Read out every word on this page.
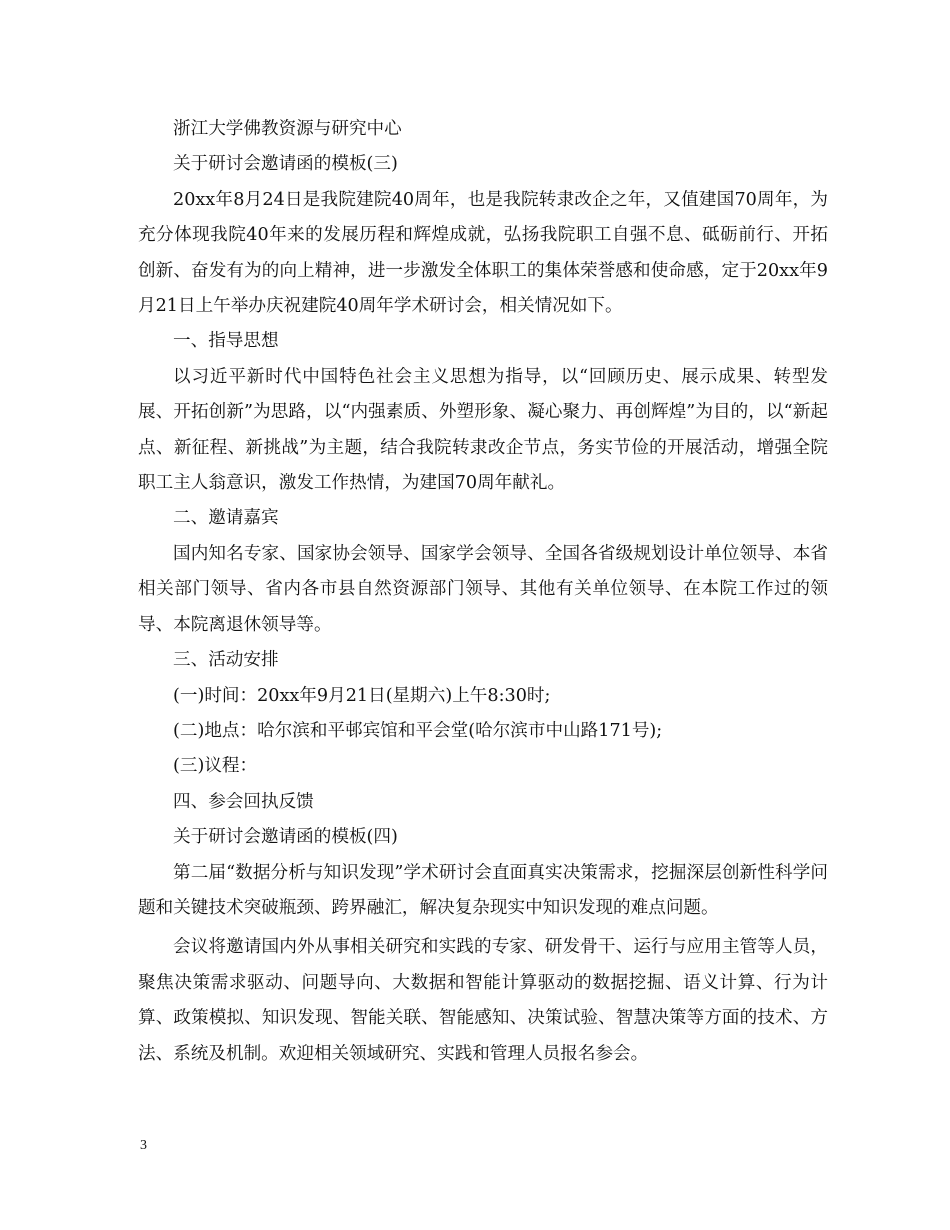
浙江大学佛教资源与研究中心

关于研讨会邀请函的模板(三)

20xx年8月24日是我院建院40周年，也是我院转隶改企之年，又值建国70周年，为充分体现我院40年来的发展历程和辉煌成就，弘扬我院职工自强不息、砥砺前行、开拓创新、奋发有为的向上精神，进一步激发全体职工的集体荣誉感和使命感，定于20xx年9月21日上午举办庆祝建院40周年学术研讨会，相关情况如下。

一、指导思想

以习近平新时代中国特色社会主义思想为指导，以“回顾历史、展示成果、转型发展、开拓创新”为思路，以“内强素质、外塑形象、凝心聚力、再创辉煌”为目的，以“新起点、新征程、新挑战”为主题，结合我院转隶改企节点，务实节俭的开展活动，增强全院职工主人翁意识，激发工作热情，为建国70周年献礼。

二、邀请嘉宾

国内知名专家、国家协会领导、国家学会领导、全国各省级规划设计单位领导、本省相关部门领导、省内各市县自然资源部门领导、其他有关单位领导、在本院工作过的领导、本院离退休领导等。

三、活动安排

(一)时间：20xx年9月21日(星期六)上午8:30时;

(二)地点：哈尔滨和平邨宾馆和平会堂(哈尔滨市中山路171号);

(三)议程：

四、参会回执反馈

关于研讨会邀请函的模板(四)

第二届“数据分析与知识发现”学术研讨会直面真实决策需求，挖掘深层创新性科学问题和关键技术突破瓶颈、跨界融汇，解决复杂现实中知识发现的难点问题。

会议将邀请国内外从事相关研究和实践的专家、研发骨干、运行与应用主管等人员，聚焦决策需求驱动、问题导向、大数据和智能计算驱动的数据挖掘、语义计算、行为计算、政策模拟、知识发现、智能关联、智能感知、决策试验、智慧决策等方面的技术、方法、系统及机制。欢迎相关领域研究、实践和管理人员报名参会。

3
